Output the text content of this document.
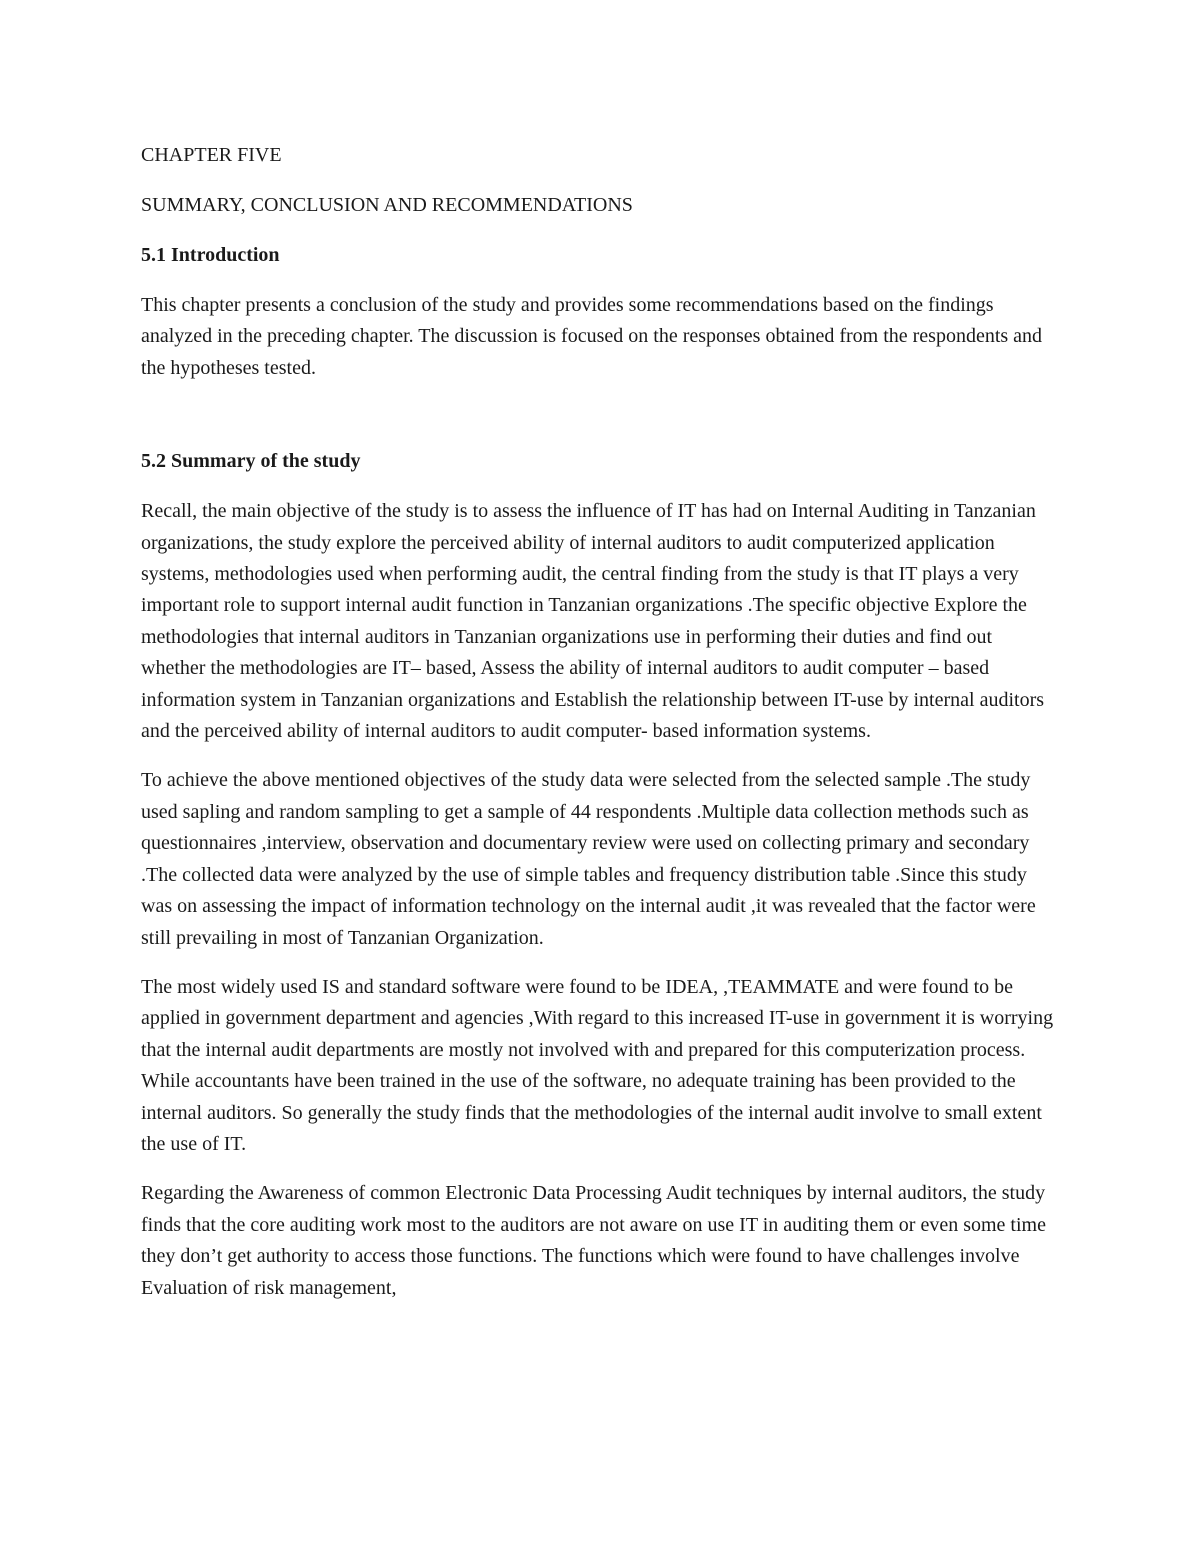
CHAPTER FIVE

SUMMARY, CONCLUSION AND RECOMMENDATIONS

5.1 Introduction

This chapter presents a conclusion of the study and provides some recommendations based on the findings analyzed in the preceding chapter. The discussion is focused on the responses obtained from the respondents and the hypotheses tested.

5.2 Summary of the study

Recall, the main objective of the study is to assess the influence of IT has had on Internal Auditing in Tanzanian organizations, the study explore the perceived ability of internal auditors to audit computerized application systems, methodologies used when performing audit, the central finding from the study is that IT plays a very important role to support internal audit function in Tanzanian organizations .The specific objective Explore the methodologies that internal auditors in Tanzanian organizations use in performing their duties and find out whether the methodologies are IT– based, Assess the ability of internal auditors to audit computer – based information system in Tanzanian organizations and Establish the relationship between IT-use by internal auditors and the perceived ability of internal auditors to audit computer- based information systems.

To achieve the above mentioned objectives of the study data were selected from the selected sample .The study used sapling and random sampling to get a sample of 44 respondents .Multiple data collection methods such as questionnaires ,interview, observation and documentary review were used on collecting primary and secondary .The collected data were analyzed by the use of simple tables and frequency distribution table .Since this study was on assessing the impact of information technology on the internal audit ,it was revealed that the factor were still prevailing in most of Tanzanian Organization.

The most widely used IS and standard software were found to be IDEA, ,TEAMMATE and were found to be applied in government department and agencies ,With regard to this increased IT-use in government it is worrying that the internal audit departments are mostly not involved with and prepared for this computerization process. While accountants have been trained in the use of the software, no adequate training has been provided to the internal auditors. So generally the study finds that the methodologies of the internal audit involve to small extent the use of IT.

Regarding the Awareness of common Electronic Data Processing Audit techniques by internal auditors, the study finds that the core auditing work most to the auditors are not aware on use IT in auditing them or even some time they don’t get authority to access those functions. The functions which were found to have challenges involve Evaluation of risk management,
